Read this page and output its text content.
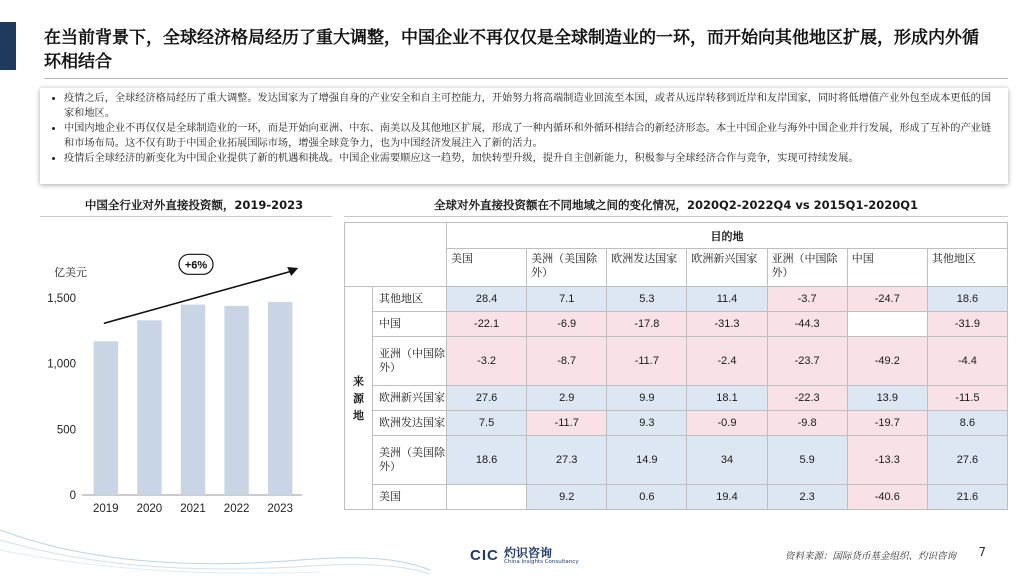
在当前背景下，全球经济格局经历了重大调整，中国企业不再仅仅是全球制造业的一环，而开始向其他地区扩展，形成内外循环相结合
• 疫情之后，全球经济格局经历了重大调整。发达国家为了增强自身的产业安全和自主可控能力，开始努力将高端制造业回流至本国，或者从远岸转移到近岸和友岸国家，同时将低增值产业外包至成本更低的国家和地区。
• 中国内地企业不再仅仅是全球制造业的一环，而是开始向亚洲、中东、南美以及其他地区扩展，形成了一种内循环和外循环相结合的新经济形态。本土中国企业与海外中国企业并行发展，形成了互补的产业链和市场布局。这不仅有助于中国企业拓展国际市场，增强全球竞争力，也为中国经济发展注入了新的活力。
• 疫情后全球经济的新变化为中国企业提供了新的机遇和挑战。中国企业需要顺应这一趋势，加快转型升级，提升自主创新能力，积极参与全球经济合作与竞争，实现可持续发展。
中国全行业对外直接投资额，2019-2023	全球对外直接投资额在不同地域之间的变化情况，2020Q2-2022Q4 vs 2015Q1-2020Q1
亿美元
0
500
1,000
1,500
2019 2020 2021 2022 2023
+6%
		目的地						
		美国	美洲（美国除外）	欧洲发达国家	欧洲新兴国家	亚洲（中国除外）	中国	其他地区
来
源
地	其他地区	28.4	7.1	5.3	11.4	-3.7	-24.7	18.6
	中国	-22.1	-6.9	-17.8	-31.3	-44.3		-31.9
	亚洲（中国除外）	-3.2	-8.7	-11.7	-2.4	-23.7	-49.2	-4.4
	欧洲新兴国家	27.6	2.9	9.9	18.1	-22.3	13.9	-11.5
	欧洲发达国家	7.5	-11.7	9.3	-0.9	-9.8	-19.7	8.6
	美洲（美国除外）	18.6	27.3	14.9	34	5.9	-13.3	27.6
	美国		9.2	0.6	19.4	2.3	-40.6	21.6
CIC 灼识咨询
China Insights Consultancy	资料来源：国际货币基金组织、灼识咨询 7
